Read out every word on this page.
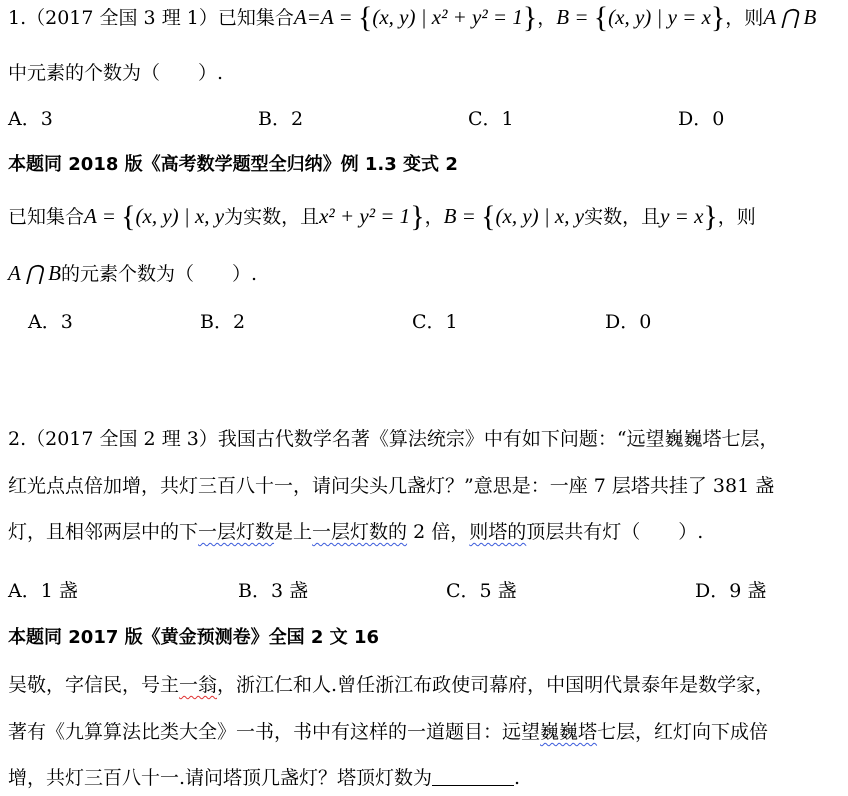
1.（2017 全国 3 理 1）已知集合A=A = {(x, y) | x² + y² = 1}，B = {(x, y) | y = x}，则A ⋂ B
中元素的个数为（　　）.
A．3	B．2	C．1	D．0
本题同 2018 版《高考数学题型全归纳》例 1.3 变式 2
已知集合A = {(x, y) | x, y为实数，且x² + y² = 1}，B = {(x, y) | x, y实数，且y = x}，则
A ⋂ B的元素个数为（　　）.
A．3	B．2	C．1	D．0
2.（2017 全国 2 理 3）我国古代数学名著《算法统宗》中有如下问题：“远望巍巍塔七层，
红光点点倍加增，共灯三百八十一，请问尖头几盏灯？”意思是：一座 7 层塔共挂了 381 盏
灯，且相邻两层中的下一层灯数是上一层灯数的 2 倍，则塔的顶层共有灯（　　）.
A．1 盏	B．3 盏	C．5 盏	D．9 盏
本题同 2017 版《黄金预测卷》全国 2 文 16
吴敬，字信民，号主一翁，浙江仁和人.曾任浙江布政使司幕府，中国明代景泰年是数学家，
著有《九算算法比类大全》一书，书中有这样的一道题目：远望巍巍塔七层，红灯向下成倍
增，共灯三百八十一.请问塔顶几盏灯？塔顶灯数为	.
